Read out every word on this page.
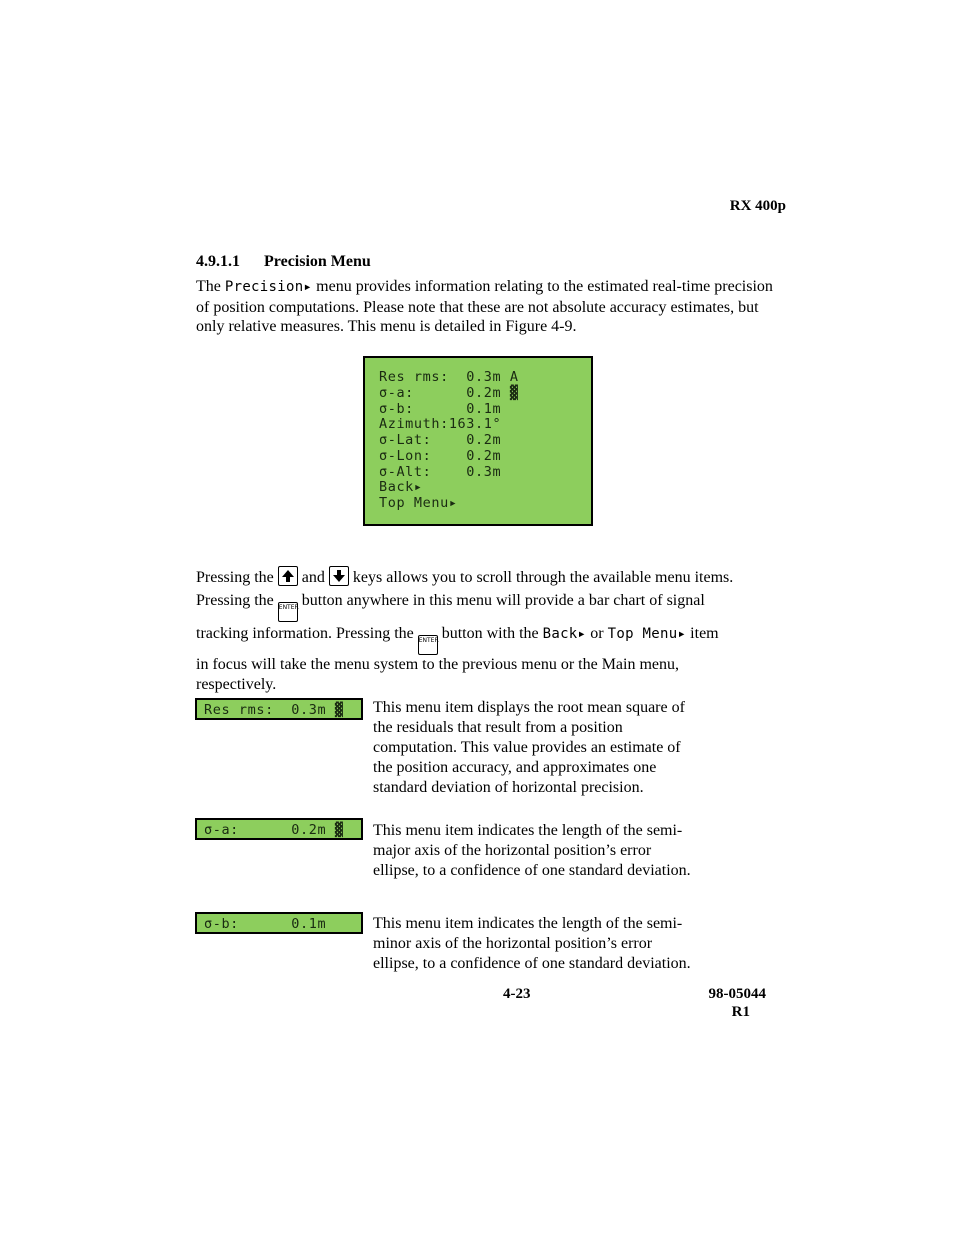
RX 400p
4.9.1.1 Precision Menu
The Precision▸ menu provides information relating to the estimated real-time precision of position computations. Please note that these are not absolute accuracy estimates, but only relative measures. This menu is detailed in Figure 4-9.
Res rms:  0.3m A
σ-a:      0.2m ▓
σ-b:      0.1m
Azimuth:163.1°
σ-Lat:    0.2m
σ-Lon:    0.2m
σ-Alt:    0.3m
Back▸
Top Menu▸
Pressing the
and
keys allows you to scroll through the available menu items.
Pressing the ENTER button anywhere in this menu will provide a bar chart of signal
tracking information. Pressing the ENTER button with the Back▸ or Top Menu▸ item
in focus will take the menu system to the previous menu or the Main menu,
respectively.
Res rms:  0.3m ▓ This menu item displays the root mean square of
the residuals that result from a position
computation. This value provides an estimate of
the position accuracy, and approximates one
standard deviation of horizontal precision.
σ-a:      0.2m ▓ This menu item indicates the length of the semi-
major axis of the horizontal position’s error
ellipse, to a confidence of one standard deviation.
σ-b:      0.1m	This menu item indicates the length of the semi-
minor axis of the horizontal position’s error
ellipse, to a confidence of one standard deviation.
4-23	98-05044
R1
